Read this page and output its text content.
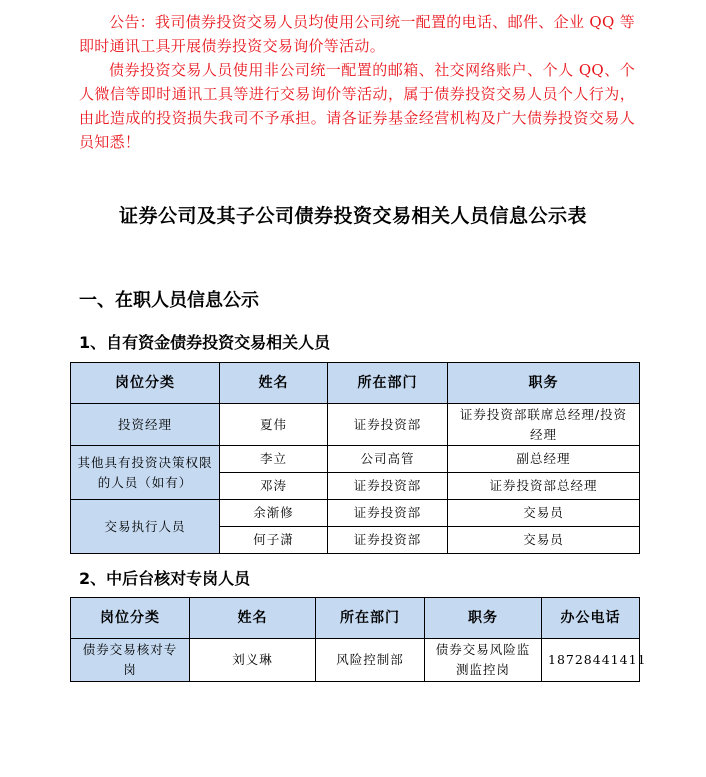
公告：我司债券投资交易人员均使用公司统一配置的电话、邮件、企业 QQ 等即时通讯工具开展债券投资交易询价等活动。

债券投资交易人员使用非公司统一配置的邮箱、社交网络账户、个人 QQ、个人微信等即时通讯工具等进行交易询价等活动，属于债券投资交易人员个人行为，由此造成的投资损失我司不予承担。请各证券基金经营机构及广大债券投资交易人员知悉！

证券公司及其子公司债券投资交易相关人员信息公示表
一、在职人员信息公示
1、自有资金债券投资交易相关人员
岗位分类	姓名	所在部门	职务
投资经理	夏伟	证券投资部	证券投资部联席总经理/投资经理
其他具有投资决策权限的人员（如有）	李立	公司高管	副总经理
	邓涛	证券投资部	证券投资部总经理
交易执行人员	余渐修	证券投资部	交易员
	何子潇	证券投资部	交易员
2、中后台核对专岗人员
岗位分类	姓名	所在部门	职务	办公电话
债券交易核对专岗	刘义琳	风险控制部	债券交易风险监测监控岗	18728441411
